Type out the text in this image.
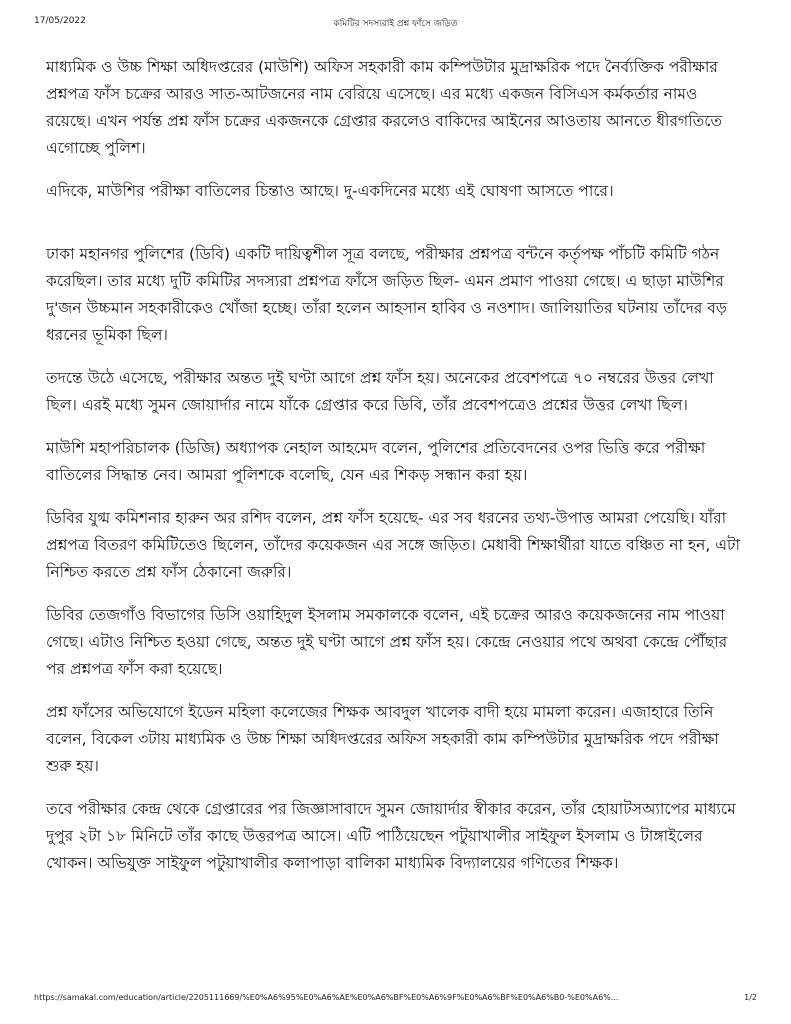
17/05/2022	কমিটির সদস্যরাই প্রশ্ন ফাঁসে জড়িত

মাধ্যমিক ও উচ্চ শিক্ষা অধিদপ্তরের (মাউশি) অফিস সহকারী কাম কম্পিউটার মুদ্রাক্ষরিক পদে নৈর্ব্যক্তিক পরীক্ষার প্রশ্নপত্র ফাঁস চক্রের আরও সাত-আটজনের নাম বেরিয়ে এসেছে। এর মধ্যে একজন বিসিএস কর্মকর্তার নামও রয়েছে। এখন পর্যন্ত প্রশ্ন ফাঁস চক্রের একজনকে গ্রেপ্তার করলেও বাকিদের আইনের আওতায় আনতে ধীরগতিতে এগোচ্ছে পুলিশ।

এদিকে, মাউশির পরীক্ষা বাতিলের চিন্তাও আছে। দু-একদিনের মধ্যে এই ঘোষণা আসতে পারে।

ঢাকা মহানগর পুলিশের (ডিবি) একটি দায়িত্বশীল সূত্র বলছে, পরীক্ষার প্রশ্নপত্র বন্টনে কর্তৃপক্ষ পাঁচটি কমিটি গঠন করেছিল। তার মধ্যে দুটি কমিটির সদস্যরা প্রশ্নপত্র ফাঁসে জড়িত ছিল- এমন প্রমাণ পাওয়া গেছে। এ ছাড়া মাউশির দু'জন উচ্চমান সহকারীকেও খোঁজা হচ্ছে। তাঁরা হলেন আহসান হাবিব ও নওশাদ। জালিয়াতির ঘটনায় তাঁদের বড় ধরনের ভূমিকা ছিল।

তদন্তে উঠে এসেছে, পরীক্ষার অন্তত দুই ঘণ্টা আগে প্রশ্ন ফাঁস হয়। অনেকের প্রবেশপত্রে ৭০ নম্বরের উত্তর লেখা ছিল। এরই মধ্যে সুমন জোয়ার্দার নামে যাঁকে গ্রেপ্তার করে ডিবি, তাঁর প্রবেশপত্রেও প্রশ্নের উত্তর লেখা ছিল।

মাউশি মহাপরিচালক (ডিজি) অধ্যাপক নেহাল আহমেদ বলেন, পুলিশের প্রতিবেদনের ওপর ভিত্তি করে পরীক্ষা বাতিলের সিদ্ধান্ত নেব। আমরা পুলিশকে বলেছি, যেন এর শিকড় সন্ধান করা হয়।

ডিবির যুগ্ম কমিশনার হারুন অর রশিদ বলেন, প্রশ্ন ফাঁস হয়েছে- এর সব ধরনের তথ্য-উপাত্ত আমরা পেয়েছি। যাঁরা প্রশ্নপত্র বিতরণ কমিটিতেও ছিলেন, তাঁদের কয়েকজন এর সঙ্গে জড়িত। মেধাবী শিক্ষার্থীরা যাতে বঞ্চিত না হন, এটা নিশ্চিত করতে প্রশ্ন ফাঁস ঠেকানো জরুরি।

ডিবির তেজগাঁও বিভাগের ডিসি ওয়াহিদুল ইসলাম সমকালকে বলেন, এই চক্রের আরও কয়েকজনের নাম পাওয়া গেছে। এটাও নিশ্চিত হওয়া গেছে, অন্তত দুই ঘণ্টা আগে প্রশ্ন ফাঁস হয়। কেন্দ্রে নেওয়ার পথে অথবা কেন্দ্রে পৌঁছার পর প্রশ্নপত্র ফাঁস করা হয়েছে।

প্রশ্ন ফাঁসের অভিযোগে ইডেন মহিলা কলেজের শিক্ষক আবদুল খালেক বাদী হয়ে মামলা করেন। এজাহারে তিনি বলেন, বিকেল ৩টায় মাধ্যমিক ও উচ্চ শিক্ষা অধিদপ্তরের অফিস সহকারী কাম কম্পিউটার মুদ্রাক্ষরিক পদে পরীক্ষা শুরু হয়।

তবে পরীক্ষার কেন্দ্র থেকে গ্রেপ্তারের পর জিজ্ঞাসাবাদে সুমন জোয়ার্দার স্বীকার করেন, তাঁর হোয়াটসঅ্যাপের মাধ্যমে দুপুর ২টা ১৮ মিনিটে তাঁর কাছে উত্তরপত্র আসে। এটি পাঠিয়েছেন পটুয়াখালীর সাইফুল ইসলাম ও টাঙ্গাইলের খোকন। অভিযুক্ত সাইফুল পটুয়াখালীর কলাপাড়া বালিকা মাধ্যমিক বিদ্যালয়ের গণিতের শিক্ষক।

https://samakal.com/education/article/2205111669/%E0%A6%95%E0%A6%AE%E0%A6%BF%E0%A6%9F%E0%A6%BF%E0%A6%B0-%E0%A6%...	1/2
